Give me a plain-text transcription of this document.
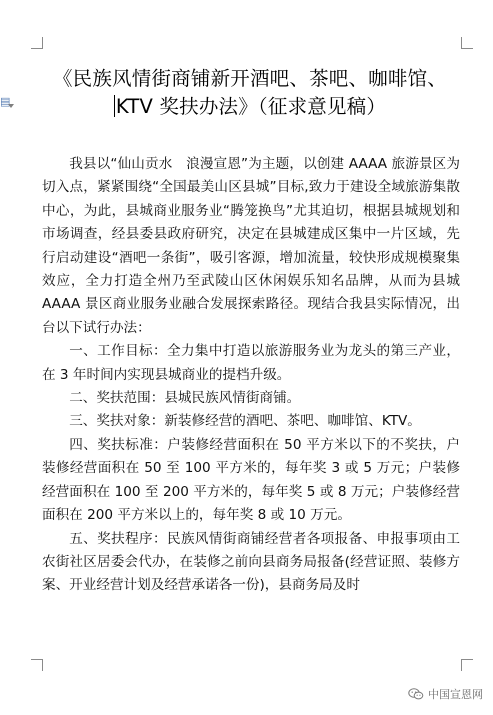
▤
《民族风情街商铺新开酒吧、茶吧、咖啡馆、
KTV 奖扶办法》（征求意见稿）

我县以“仙山贡水　浪漫宣恩”为主题，以创建 AAAA 旅游景区为切入点，紧紧围绕“全国最美山区县城”目标,致力于建设全域旅游集散中心，为此，县城商业服务业“腾笼换鸟”尤其迫切，根据县城规划和市场调查，经县委县政府研究，决定在县城建成区集中一片区域，先行启动建设“酒吧一条街”，吸引客源，增加流量，较快形成规模聚集效应，全力打造全州乃至武陵山区休闲娱乐知名品牌，从而为县城 AAAA 景区商业服务业融合发展探索路径。现结合我县实际情况，出台以下试行办法：

一、工作目标：全力集中打造以旅游服务业为龙头的第三产业，在 3 年时间内实现县城商业的提档升级。

二、奖扶范围：县城民族风情街商铺。

三、奖扶对象：新装修经营的酒吧、茶吧、咖啡馆、KTV。

四、奖扶标准：户装修经营面积在 50 平方米以下的不奖扶，户装修经营面积在 50 至 100 平方米的，每年奖 3 或 5 万元；户装修经营面积在 100 至 200 平方米的，每年奖 5 或 8 万元；户装修经营面积在 200 平方米以上的，每年奖 8 或 10 万元。

五、奖扶程序：民族风情街商铺经营者各项报备、申报事项由工农街社区居委会代办，在装修之前向县商务局报备(经营证照、装修方案、开业经营计划及经营承诺各一份)，县商务局及时

中国宣恩网
